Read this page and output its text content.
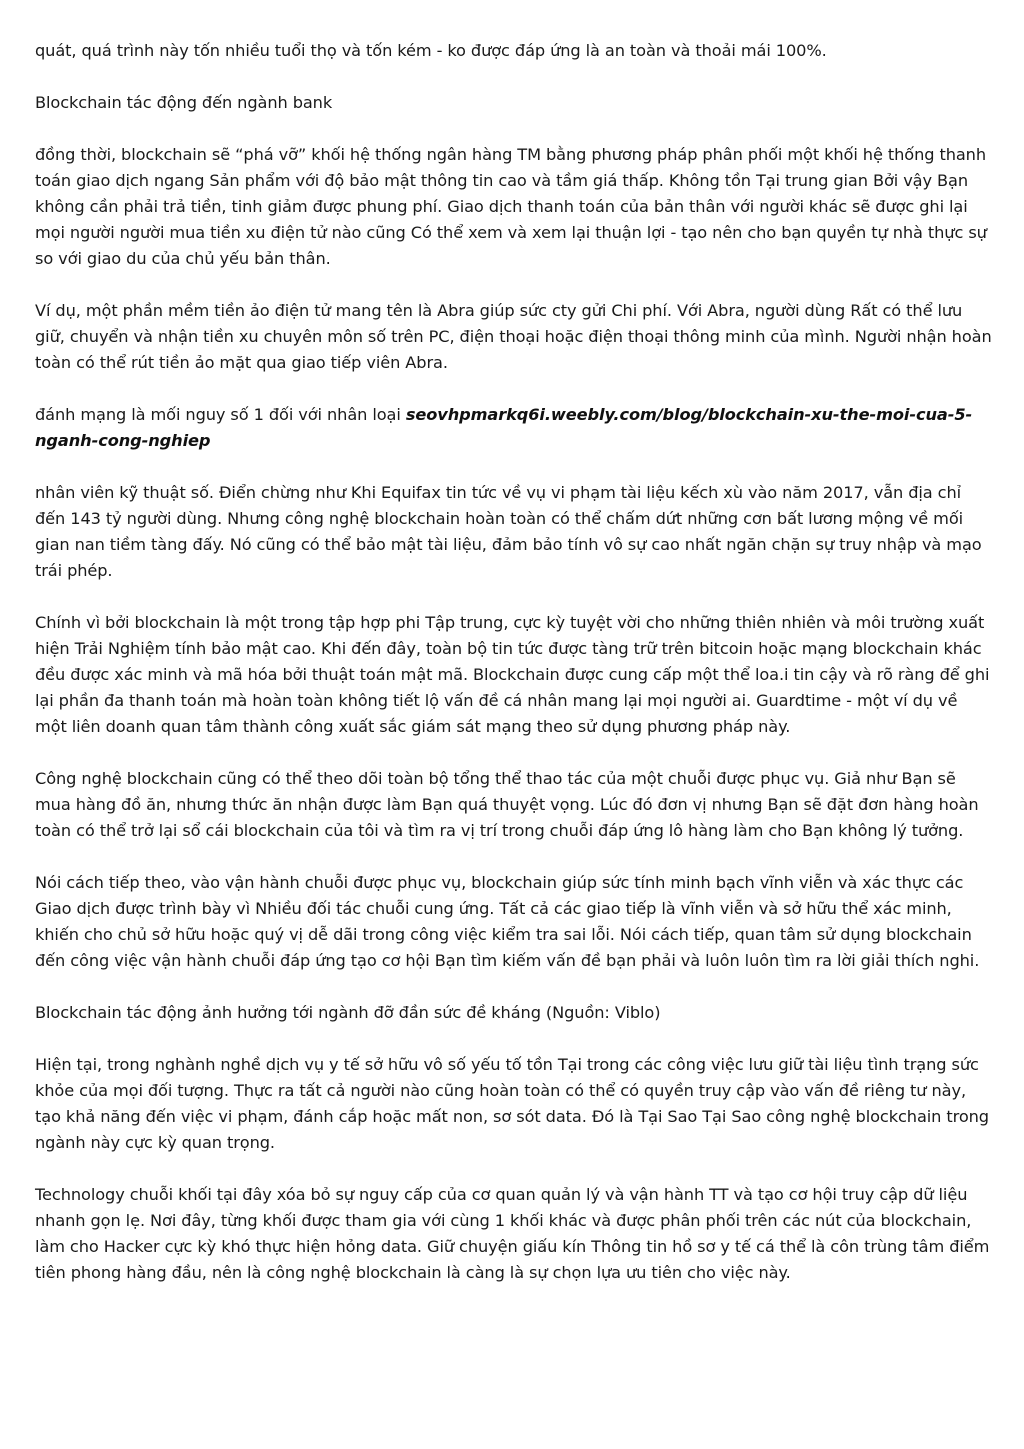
quát, quá trình này tốn nhiều tuổi thọ và tốn kém - ko được đáp ứng là an toàn và thoải mái 100%.

Blockchain tác động đến ngành bank

đồng thời, blockchain sẽ “phá vỡ” khối hệ thống ngân hàng TM bằng phương pháp phân phối một khối hệ thống thanh toán giao dịch ngang Sản phẩm với độ bảo mật thông tin cao và tầm giá thấp. Không tồn Tại trung gian Bởi vậy Bạn không cần phải trả tiền, tinh giảm được phung phí. Giao dịch thanh toán của bản thân với người khác sẽ được ghi lại mọi người người mua tiền xu điện tử nào cũng Có thể xem và xem lại thuận lợi - tạo nên cho bạn quyền tự nhà thực sự so với giao du của chủ yếu bản thân.

Ví dụ, một phần mềm tiền ảo điện tử mang tên là Abra giúp sức cty gửi Chi phí. Với Abra, người dùng Rất có thể lưu giữ, chuyển và nhận tiền xu chuyên môn số trên PC, điện thoại hoặc điện thoại thông minh của mình. Người nhận hoàn toàn có thể rút tiền ảo mặt qua giao tiếp viên Abra.

đánh mạng là mối nguy số 1 đối với nhân loại seovhpmarkq6i.weebly.com/blog/blockchain-xu-the-moi-cua-5-nganh-cong-nghiep

nhân viên kỹ thuật số. Điển chừng như Khi Equifax tin tức về vụ vi phạm tài liệu kếch xù vào năm 2017, vẫn địa chỉ đến 143 tỷ người dùng. Nhưng công nghệ blockchain hoàn toàn có thể chấm dứt những cơn bất lương mộng về mối gian nan tiềm tàng đấy. Nó cũng có thể bảo mật tài liệu, đảm bảo tính vô sự cao nhất ngăn chặn sự truy nhập và mạo trái phép.

Chính vì bởi blockchain là một trong tập hợp phi Tập trung, cực kỳ tuyệt vời cho những thiên nhiên và môi trường xuất hiện Trải Nghiệm tính bảo mật cao. Khi đến đây, toàn bộ tin tức được tàng trữ trên bitcoin hoặc mạng blockchain khác đều được xác minh và mã hóa bởi thuật toán mật mã. Blockchain được cung cấp một thể loa.i tin cậy và rõ ràng để ghi lại phần đa thanh toán mà hoàn toàn không tiết lộ vấn đề cá nhân mang lại mọi người ai. Guardtime - một ví dụ về một liên doanh quan tâm thành công xuất sắc giám sát mạng theo sử dụng phương pháp này.

Công nghệ blockchain cũng có thể theo dõi toàn bộ tổng thể thao tác của một chuỗi được phục vụ. Giả như Bạn sẽ mua hàng đồ ăn, nhưng thức ăn nhận được làm Bạn quá thuyệt vọng. Lúc đó đơn vị nhưng Bạn sẽ đặt đơn hàng hoàn toàn có thể trở lại sổ cái blockchain của tôi và tìm ra vị trí trong chuỗi đáp ứng lô hàng làm cho Bạn không lý tưởng.

Nói cách tiếp theo, vào vận hành chuỗi được phục vụ, blockchain giúp sức tính minh bạch vĩnh viễn và xác thực các Giao dịch được trình bày vì Nhiều đối tác chuỗi cung ứng. Tất cả các giao tiếp là vĩnh viễn và sở hữu thể xác minh, khiến cho chủ sở hữu hoặc quý vị dễ dãi trong công việc kiểm tra sai lỗi. Nói cách tiếp, quan tâm sử dụng blockchain đến công việc vận hành chuỗi đáp ứng tạo cơ hội Bạn tìm kiếm vấn đề bạn phải và luôn luôn tìm ra lời giải thích nghi.

Blockchain tác động ảnh hưởng tới ngành đỡ đần sức đề kháng (Nguồn: Viblo)

Hiện tại, trong nghành nghề dịch vụ y tế sở hữu vô số yếu tố tồn Tại trong các công việc lưu giữ tài liệu tình trạng sức khỏe của mọi đối tượng. Thực ra tất cả người nào cũng hoàn toàn có thể có quyền truy cập vào vấn đề riêng tư này, tạo khả năng đến việc vi phạm, đánh cắp hoặc mất non, sơ sót data. Đó là Tại Sao Tại Sao công nghệ blockchain trong ngành này cực kỳ quan trọng.

Technology chuỗi khối tại đây xóa bỏ sự nguy cấp của cơ quan quản lý và vận hành TT và tạo cơ hội truy cập dữ liệu nhanh gọn lẹ. Nơi đây, từng khối được tham gia với cùng 1 khối khác và được phân phối trên các nút của blockchain, làm cho Hacker cực kỳ khó thực hiện hỏng data. Giữ chuyện giấu kín Thông tin hồ sơ y tế cá thể là côn trùng tâm điểm tiên phong hàng đầu, nên là công nghệ blockchain là càng là sự chọn lựa ưu tiên cho việc này.
